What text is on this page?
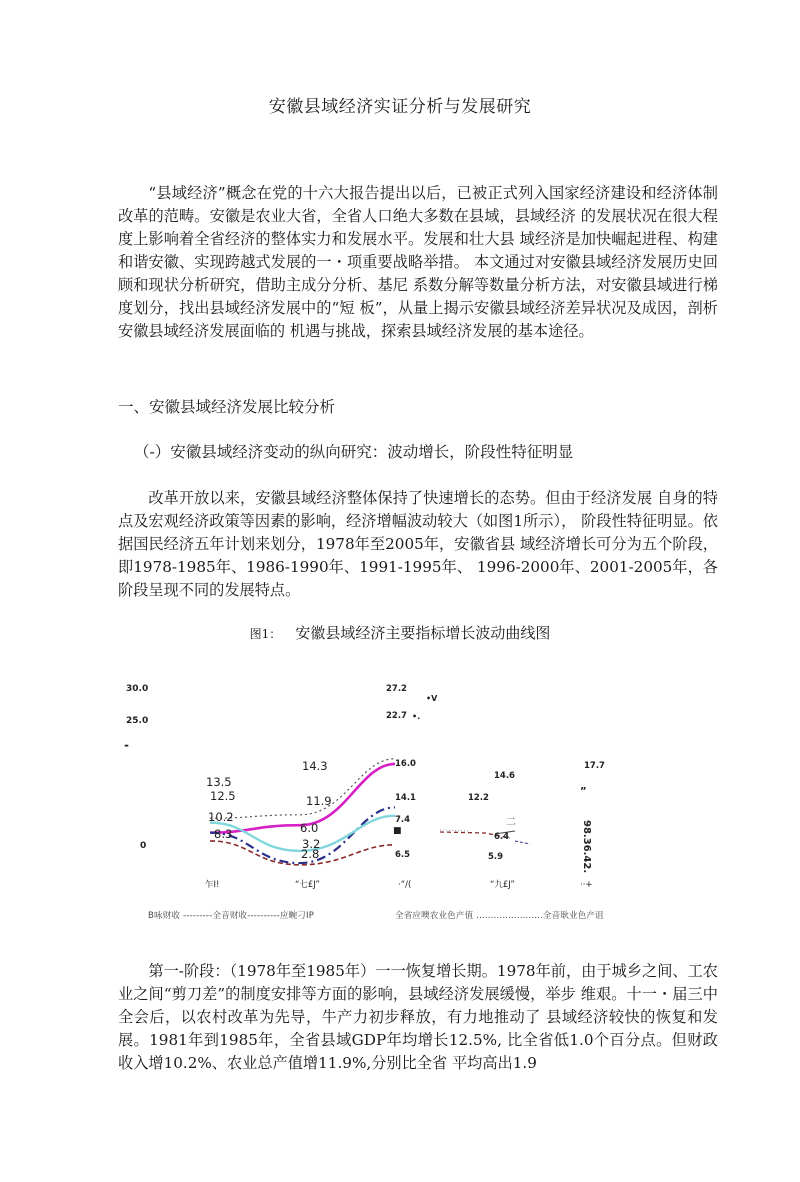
安徽县域经济实证分析与发展研究

“县域经济”概念在党的十六大报告提出以后，已被正式列入国家经济建设和经济体制改革的范畴。安徽是农业大省，全省人口绝大多数在县域，县域经济 的发展状况在很大程度上影响着全省经济的整体实力和发展水平。发展和壮大县 域经济是加快崛起进程、构建和谐安徽、实现跨越式发展的一・项重要战略举措。 本文通过对安徽县域经济发展历史回顾和现状分析研究，借助主成分分析、基尼 系数分解等数量分析方法，对安徽县域进行梯度划分，找出县域经济发展中的“短 板”，从量上揭示安徽县域经济差异状况及成因，剖析安徽县域经济发展面临的 机遇与挑战，探索县域经济发展的基本途径。

一、安徽县域经济发展比较分析
（-）安徽县域经济变动的纵向研究：波动增长，阶段性特征明显

改革开放以来，安徽县域经济整体保持了快速增长的态势。但由于经济发展 自身的特点及宏观经济政策等因素的影响，经济增幅波动较大（如图1所示）， 阶段性特征明显。依据国民经济五年计划来划分，1978年至2005年，安徽省县 域经济增长可分为五个阶段，即1978-1985年、1986-1990年、1991-1995年、 1996-2000年、2001-2005年，各阶段呈现不同的发展特点。

图1： 安徽县域经济主要指标增长波动曲线图
30.0
25.0
0
-
乍I!	“七£J”	·“/(	“九£J”	··+
27.2
22.7
16.0
14.1
7.4
6.5
14.6
12.2
6.4
5.9
17.7
98.36.42.
13.5
12.5
10.2
8.3
14.3
11.9
6.0
3.2
2.8
•V
•.
二
”
■
B咏财收 ---------全音财收----------应畹刁IP	全省应噢农业色产值 .......................全音耿业色产诅

第一-阶段：（1978年至1985年）一一恢复增长期。1978年前，由于城乡之间、工农业之间“剪刀差”的制度安排等方面的影响，县域经济发展缓慢，举步 维艰。十一・届三中全会后，以农村改革为先导，牛产力初步释放，有力地推动了 县域经济较快的恢复和发展。1981年到1985年，全省县域GDP年均增长12.5%, 比全省低1.0个百分点。但财政收入增10.2%、农业总产值增11.9%,分别比全省 平均高出1.9
